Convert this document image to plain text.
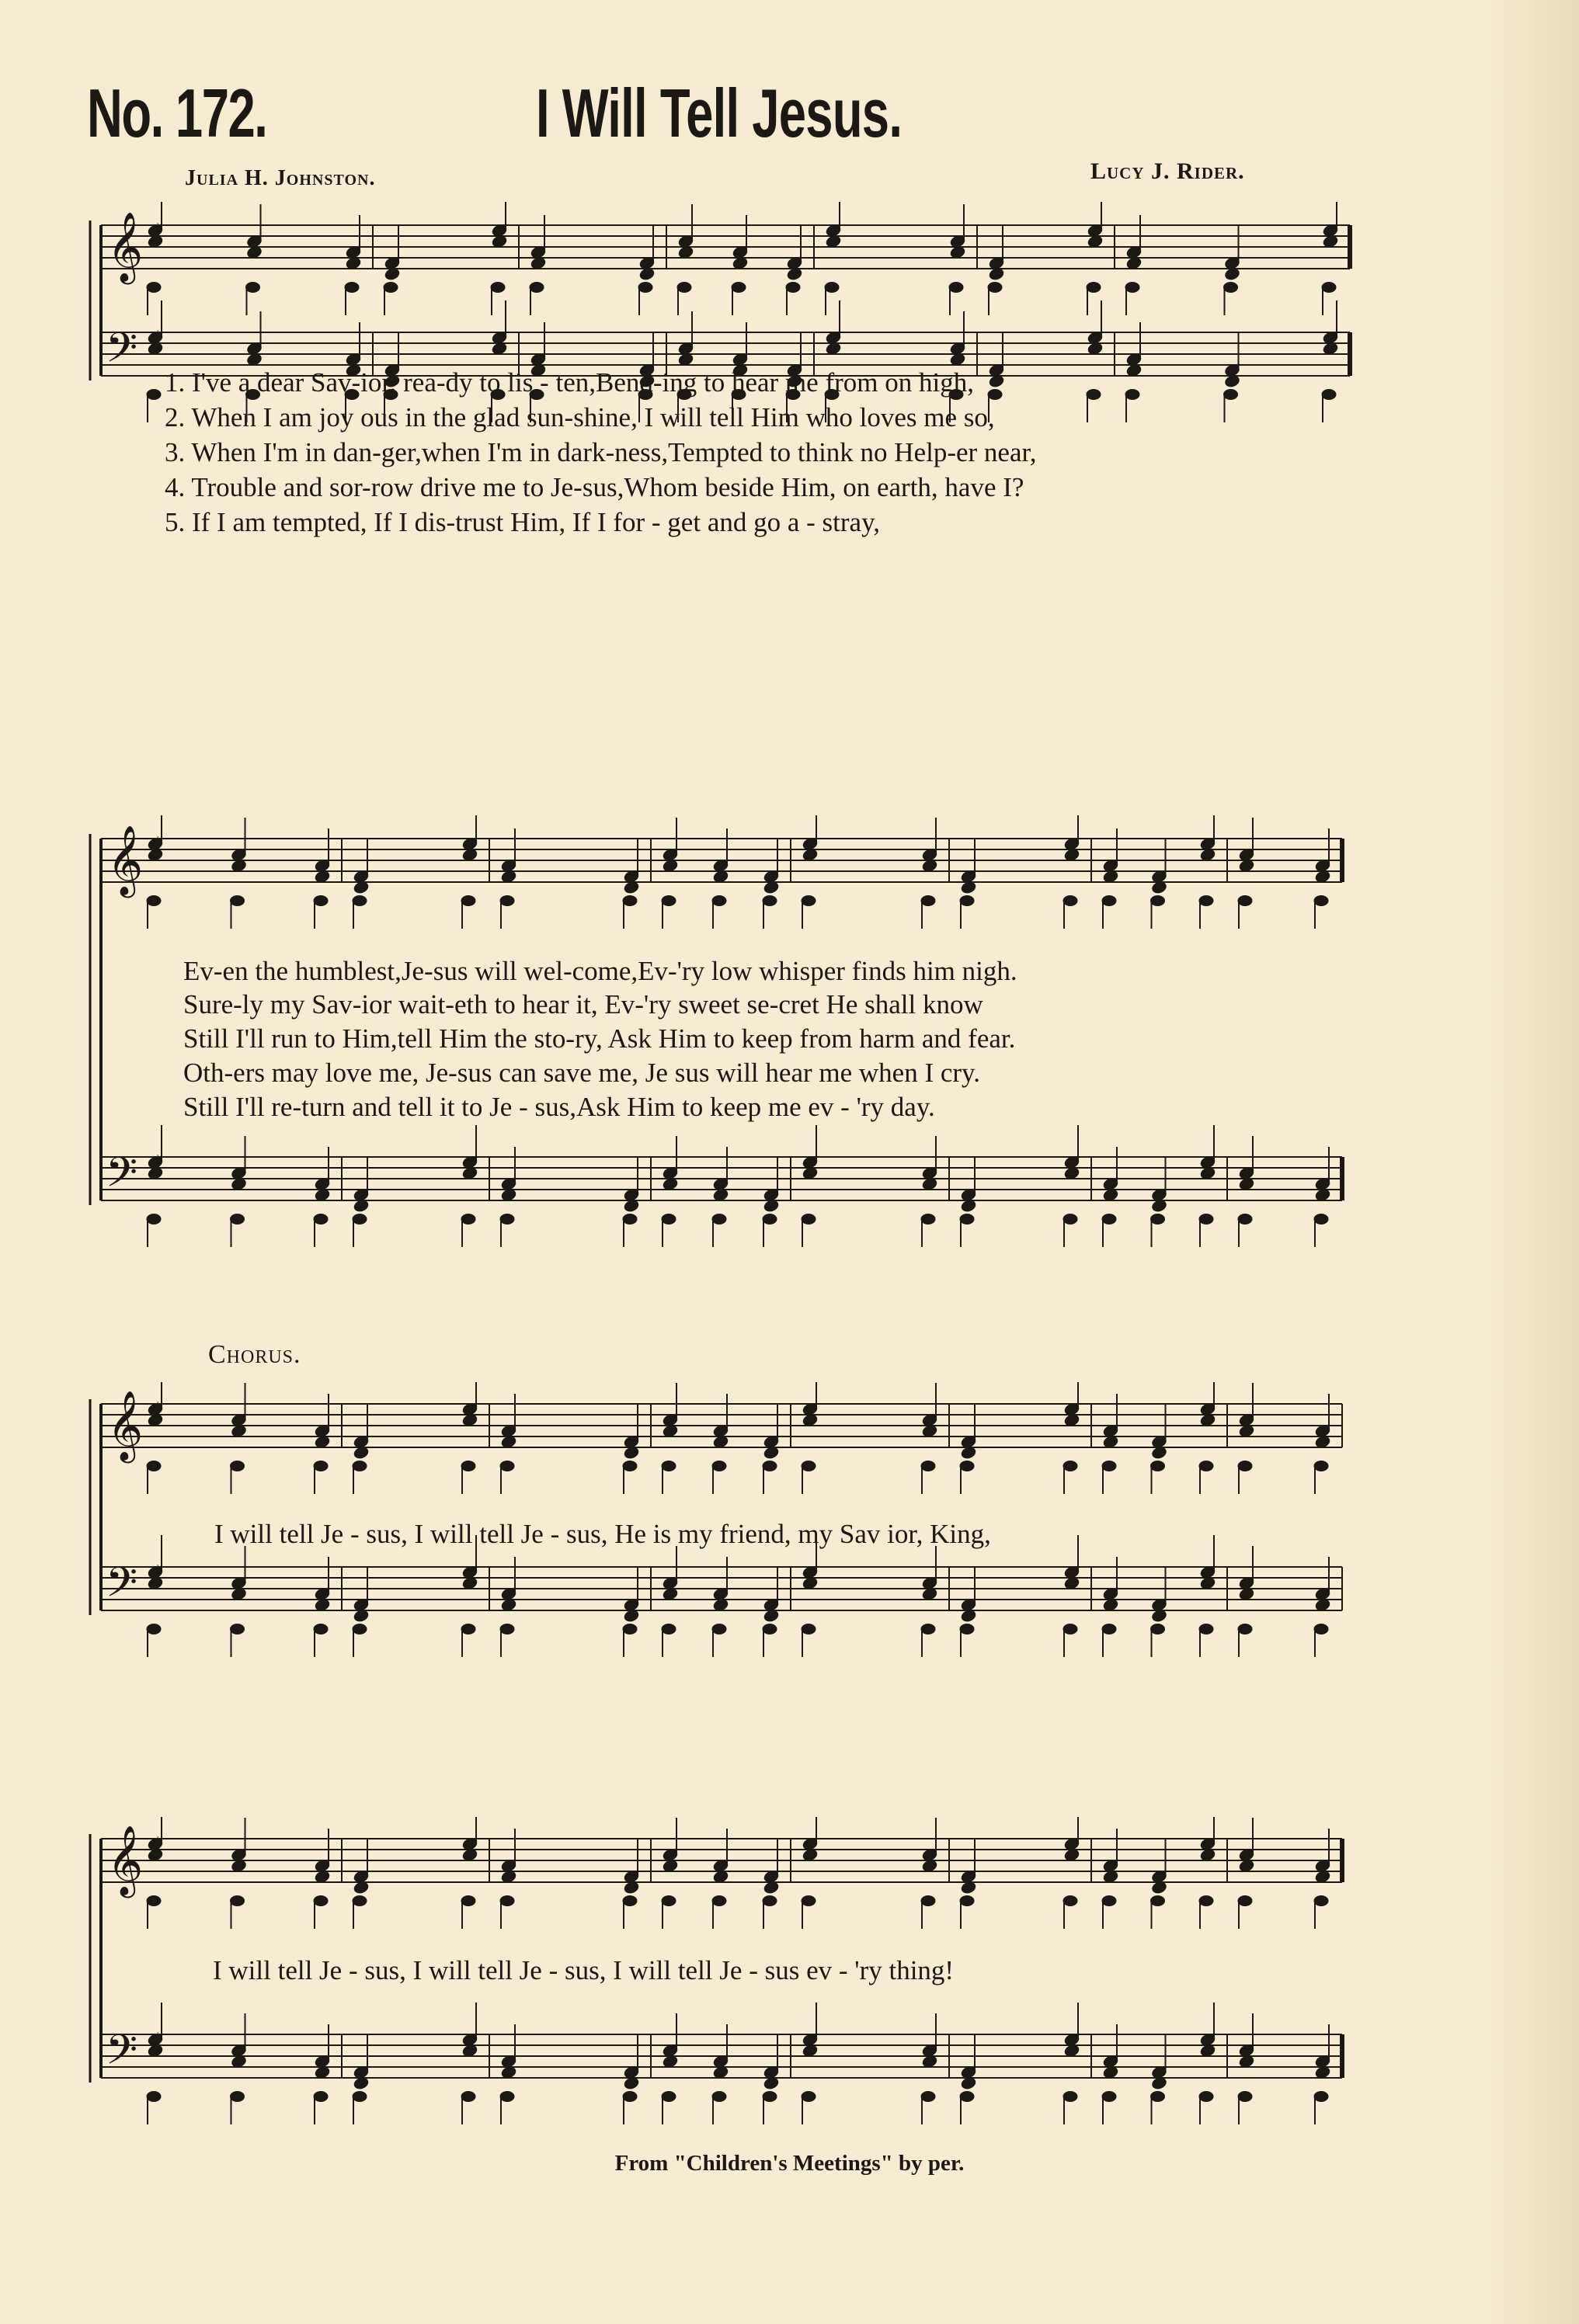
No. 172.	I Will Tell Jesus.
Julia H. Johnston.	Lucy J. Rider.
𝄞
𝄢
♯
♯
1. I've a dear Sav-ior, rea-dy to lis - ten,Bend-ing to hear me from on high,
2. When I am joy ous in the glad sun-shine, I will tell Him who loves me so,
3. When I'm in dan-ger,when I'm in dark-ness,Tempted to think no Help-er near,
4. Trouble and sor-row drive me to Je-sus,Whom beside Him, on earth, have I?
5. If I am tempted, If I dis-trust Him, If I for - get and go a - stray,
𝄞
𝄢
♯
♯
Ev-en the humblest,Je-sus will wel-come,Ev-'ry low whisper finds him nigh.
Sure-ly my Sav-ior wait-eth to hear it, Ev-'ry sweet se-cret He shall know
Still I'll run to Him,tell Him the sto-ry, Ask Him to keep from harm and fear.
Oth-ers may love me, Je-sus can save me, Je sus will hear me when I cry.
Still I'll re-turn and tell it to Je - sus,Ask Him to keep me ev - 'ry day.
Chorus.
𝄞
𝄢
♯
♯
I will tell Je - sus, I will tell Je - sus, He is my friend, my Sav ior, King,
𝄞
𝄢
♯
♯
I will tell Je - sus, I will tell Je - sus, I will tell Je - sus ev - 'ry thing!
From "Children's Meetings" by per.
